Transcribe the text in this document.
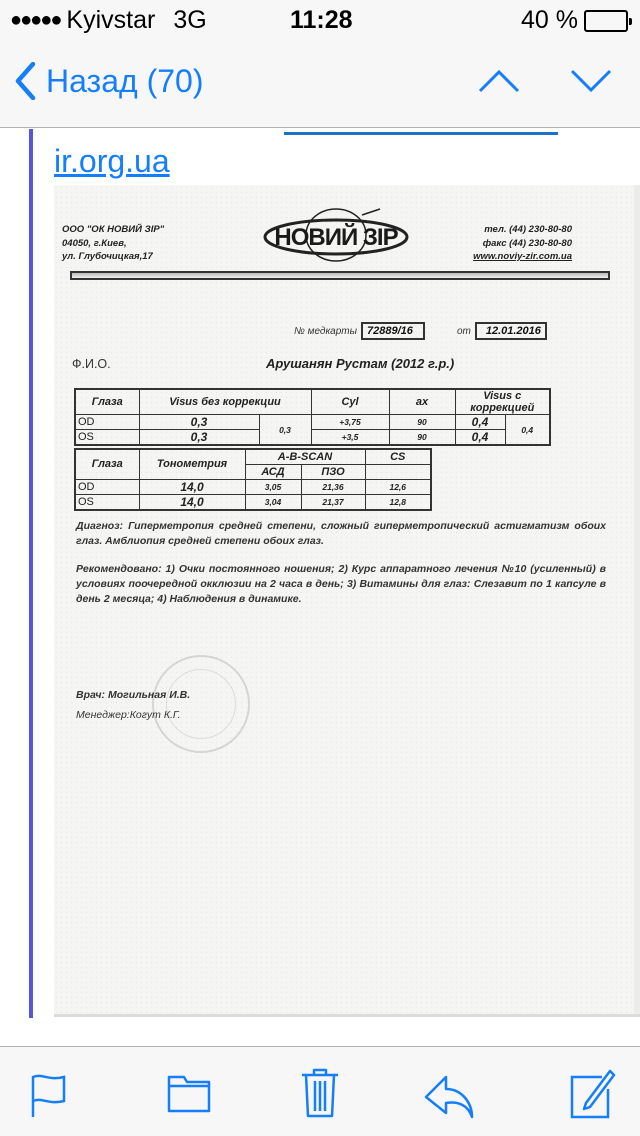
●●●●● Kyivstar 3G	11:28	40 %
Назад (70)
ir.org.ua
ООО "ОК НОВИЙ ЗІР"
04050, г.Киев,
ул. Глубочицкая,17
НОВИЙ ЗІР	тел. (44) 230-80-80
факс (44) 230-80-80
www.noviy-zir.com.ua
№ медкарты 72889/16	от	12.01.2016
Ф.И.О.	Арушанян Рустам (2012 г.р.)
Глаза	Visus без коррекции		Cyl	ax	Visus с коррекцией	
OD	0,3	0,3	+3,75	90	0,4	0,4
OS	0,3		+3,5	90	0,4	
Глаза	Тонометрия	A-B-SCAN		CS
		АСД	ПЗО	
OD	14,0	3,05	21,36	12,6
OS	14,0	3,04	21,37	12,8
Диагноз: Гиперметропия средней степени, сложный гиперметропический астигматизм обоих глаз. Амблиопия средней степени обоих глаз.
Рекомендовано: 1) Очки постоянного ношения; 2) Курс аппаратного лечения №10 (усиленный) в условиях поочередной окклюзии на 2 часа в день; 3) Витамины для глаз: Слезавит по 1 капсуле в день 2 месяца; 4) Наблюдения в динамике.
Врач: Могильная И.В.
Менеджер:Когут К.Г.
